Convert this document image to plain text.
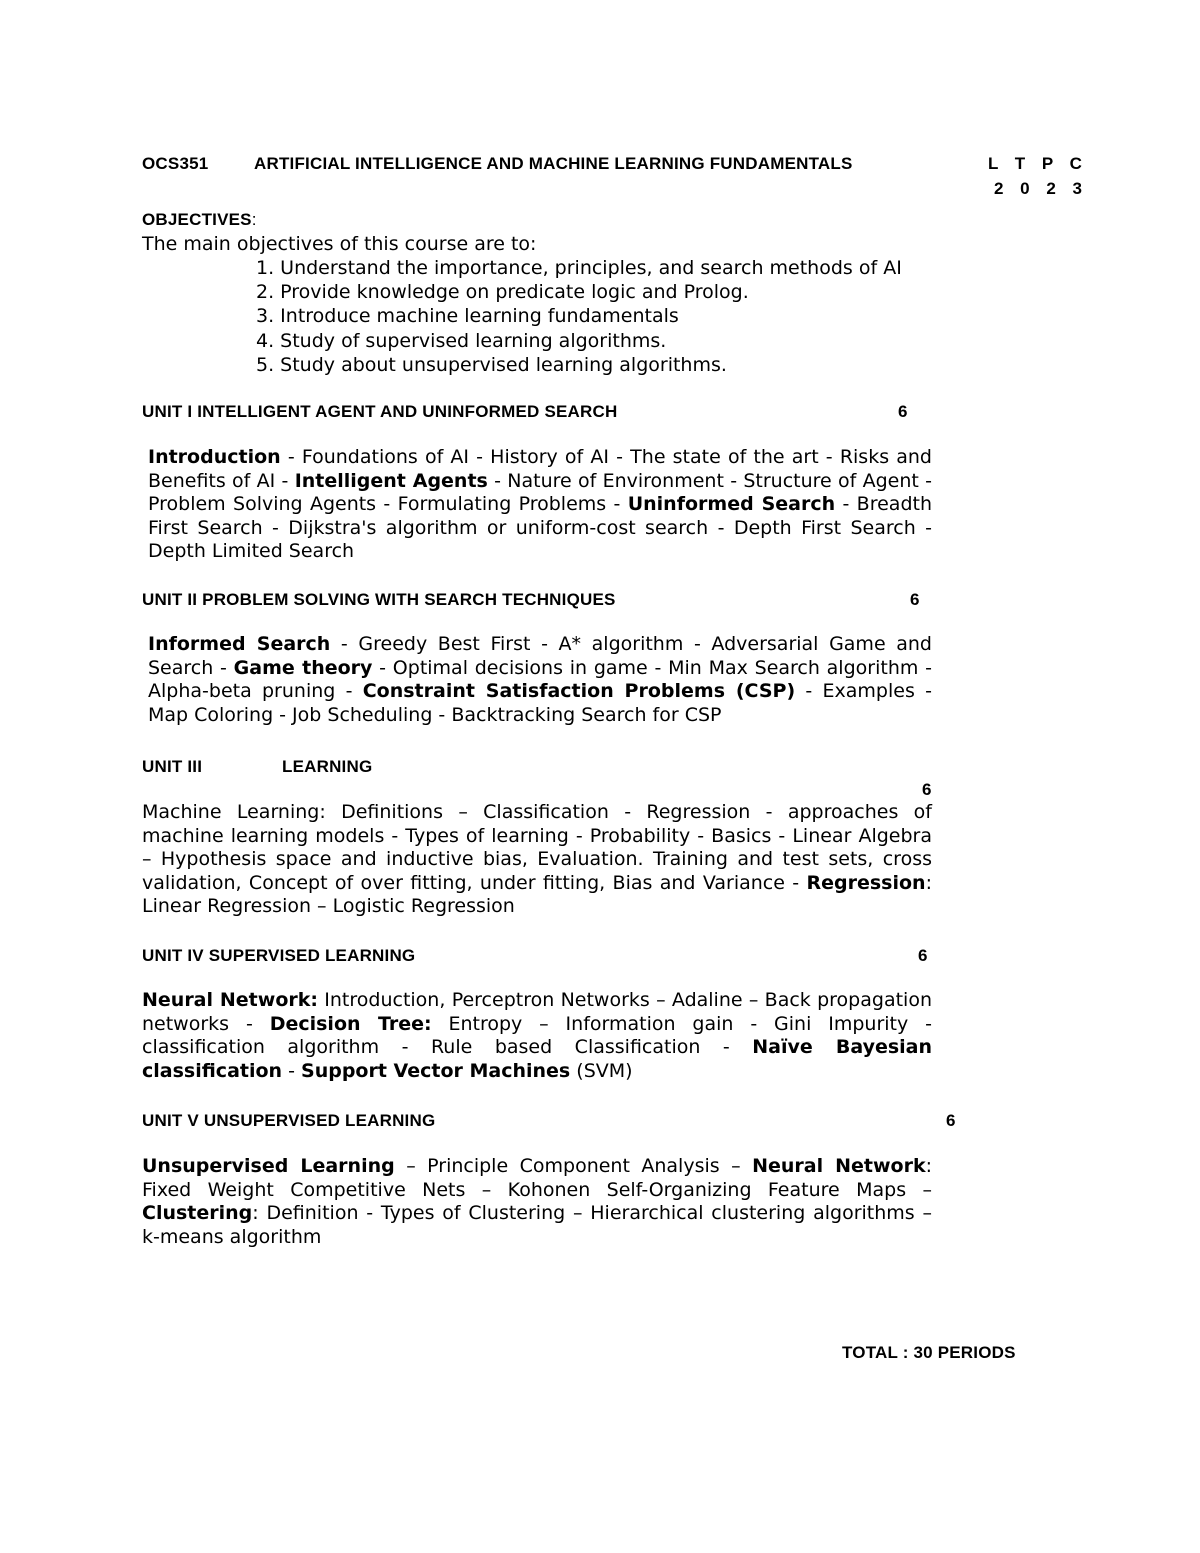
OCS351	ARTIFICIAL INTELLIGENCE AND MACHINE LEARNING FUNDAMENTALS	L T P C
2 0 2 3
OBJECTIVES:
The main objectives of this course are to:
1. Understand the importance, principles, and search methods of AI
2. Provide knowledge on predicate logic and Prolog.
3. Introduce machine learning fundamentals
4. Study of supervised learning algorithms.
5. Study about unsupervised learning algorithms.
UNIT I INTELLIGENT AGENT AND UNINFORMED SEARCH	6
Introduction - Foundations of AI - History of AI - The state of the art - Risks and Benefits of AI - Intelligent Agents - Nature of Environment - Structure of Agent - Problem Solving Agents - Formulating Problems - Uninformed Search - Breadth First Search - Dijkstra's algorithm or uniform-cost search - Depth First Search - Depth Limited Search
UNIT II PROBLEM SOLVING WITH SEARCH TECHNIQUES	6
Informed Search - Greedy Best First - A* algorithm - Adversarial Game and Search - Game theory - Optimal decisions in game - Min Max Search algorithm - Alpha-beta pruning - Constraint Satisfaction Problems (CSP) - Examples - Map Coloring - Job Scheduling - Backtracking Search for CSP
UNIT III	LEARNING
6
Machine Learning: Definitions – Classification - Regression - approaches of machine learning models - Types of learning - Probability - Basics - Linear Algebra – Hypothesis space and inductive bias, Evaluation. Training and test sets, cross validation, Concept of over fitting, under fitting, Bias and Variance - Regression: Linear Regression – Logistic Regression
UNIT IV SUPERVISED LEARNING	6
Neural Network: Introduction, Perceptron Networks – Adaline – Back propagation networks - Decision Tree: Entropy – Information gain - Gini Impurity - classification algorithm - Rule based Classification - Naïve Bayesian classification - Support Vector Machines (SVM)
UNIT V UNSUPERVISED LEARNING	6
Unsupervised Learning – Principle Component Analysis – Neural Network: Fixed Weight Competitive Nets – Kohonen Self-Organizing Feature Maps – Clustering: Definition - Types of Clustering – Hierarchical clustering algorithms – k-means algorithm
TOTAL : 30 PERIODS
